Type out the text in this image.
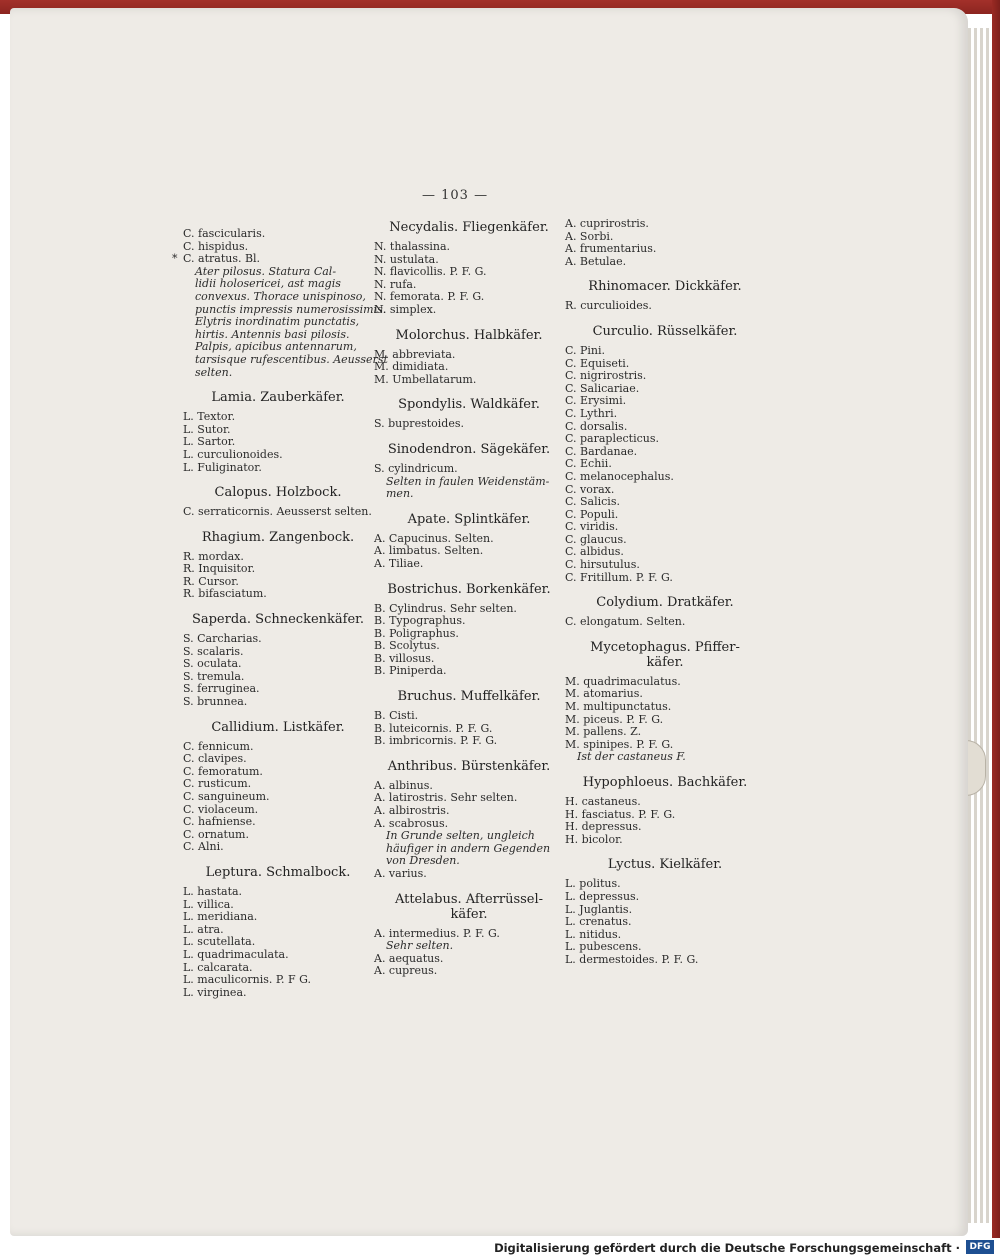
— 103 —
C. fascicularis.
C. hispidus.
* C. atratus. Bl.
Ater pilosus. Statura Cal-
lidii holosericei, ast magis
convexus. Thorace unispinoso,
punctis impressis numerosissimis.
Elytris inordinatim punctatis,
hirtis. Antennis basi pilosis.
Palpis, apicibus antennarum,
tarsisque rufescentibus. Aeusserst
selten.
Lamia. Zauberkäfer.
L. Textor.
L. Sutor.
L. Sartor.
L. curculionoides.
L. Fuliginator.
Calopus. Holzbock.
C. serraticornis. Aeusserst selten.
Rhagium. Zangenbock.
R. mordax.
R. Inquisitor.
R. Cursor.
R. bifasciatum.
Saperda. Schneckenkäfer.
S. Carcharias.
S. scalaris.
S. oculata.
S. tremula.
S. ferruginea.
S. brunnea.
Callidium. Listkäfer.
C. fennicum.
C. clavipes.
C. femoratum.
C. rusticum.
C. sanguineum.
C. violaceum.
C. hafniense.
C. ornatum.
C. Alni.
Leptura. Schmalbock.
L. hastata.
L. villica.
L. meridiana.
L. atra.
L. scutellata.
L. quadrimaculata.
L. calcarata.
L. maculicornis. P. F G.
L. virginea.
Necydalis. Fliegenkäfer.
N. thalassina.
N. ustulata.
N. flavicollis. P. F. G.
N. rufa.
N. femorata. P. F. G.
N. simplex.
Molorchus. Halbkäfer.
M. abbreviata.
M. dimidiata.
M. Umbellatarum.
Spondylis. Waldkäfer.
S. buprestoides.
Sinodendron. Sägekäfer.
S. cylindricum.
Selten in faulen Weidenstäm-
men.
Apate. Splintkäfer.
A. Capucinus. Selten.
A. limbatus. Selten.
A. Tiliae.
Bostrichus. Borkenkäfer.
B. Cylindrus. Sehr selten.
B. Typographus.
B. Poligraphus.
B. Scolytus.
B. villosus.
B. Piniperda.
Bruchus. Muffelkäfer.
B. Cisti.
B. luteicornis. P. F. G.
B. imbricornis. P. F. G.
Anthribus. Bürstenkäfer.
A. albinus.
A. latirostris. Sehr selten.
A. albirostris.
A. scabrosus.
In Grunde selten, ungleich
häufiger in andern Gegenden
von Dresden.
A. varius.
Attelabus. Afterrüssel-
käfer.
A. intermedius. P. F. G.
Sehr selten.
A. aequatus.
A. cupreus.
A. cuprirostris.
A. Sorbi.
A. frumentarius.
A. Betulae.
Rhinomacer. Dickkäfer.
R. curculioides.
Curculio. Rüsselkäfer.
C. Pini.
C. Equiseti.
C. nigrirostris.
C. Salicariae.
C. Erysimi.
C. Lythri.
C. dorsalis.
C. paraplecticus.
C. Bardanae.
C. Echii.
C. melanocephalus.
C. vorax.
C. Salicis.
C. Populi.
C. viridis.
C. glaucus.
C. albidus.
C. hirsutulus.
C. Fritillum. P. F. G.
Colydium. Dratkäfer.
C. elongatum. Selten.
Mycetophagus. Pfiffer-
käfer.
M. quadrimaculatus.
M. atomarius.
M. multipunctatus.
M. piceus. P. F. G.
M. pallens. Z.
M. spinipes. P. F. G.
Ist der castaneus F.
Hypophloeus. Bachkäfer.
H. castaneus.
H. fasciatus. P. F. G.
H. depressus.
H. bicolor.
Lyctus. Kielkäfer.
L. politus.
L. depressus.
L. Juglantis.
L. crenatus.
L. nitidus.
L. pubescens.
L. dermestoides. P. F. G.
Digitalisierung gefördert durch die Deutsche Forschungsgemeinschaft ·	DFG
